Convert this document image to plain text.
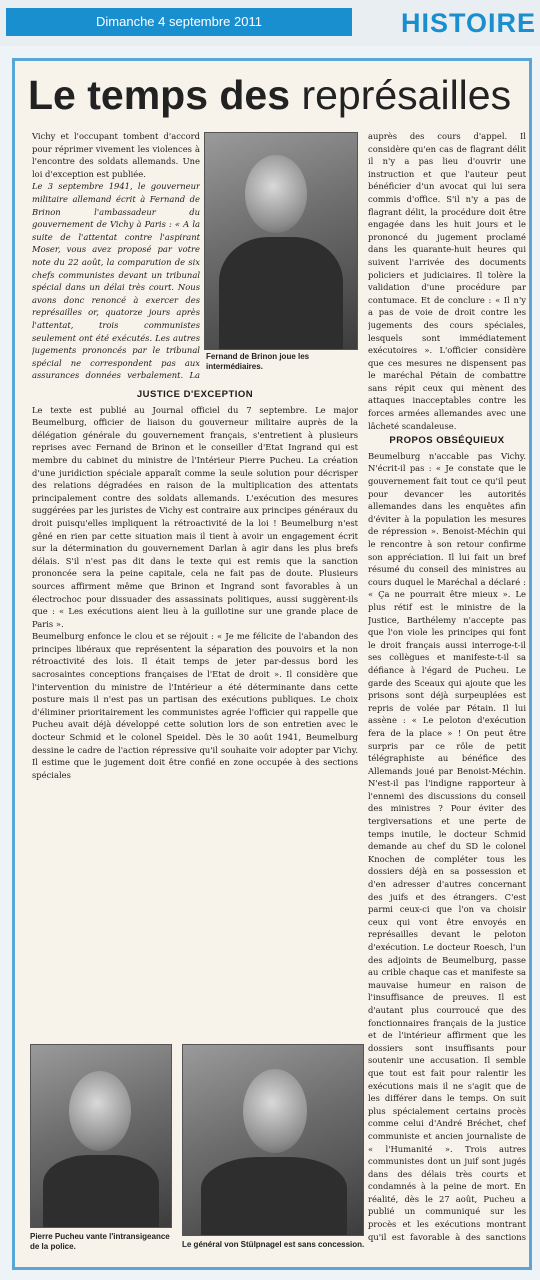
Dimanche 4 septembre 2011	HISTOIRE
Le temps des représailles
Fernand de Brinon joue les intermédiaires.

Vichy et l'occupant tombent d'accord pour réprimer vivement les violences à l'encontre des soldats allemands. Une loi d'exception est publiée.

Le 3 septembre 1941, le gouverneur militaire allemand écrit à Fernand de Brinon l'ambassadeur du gouvernement de Vichy à Paris : « A la suite de l'attentat contre l'aspirant Moser, vous avez proposé par votre note du 22 août, la comparution de six chefs communistes devant un tribunal spécial dans un délai très court. Nous avons donc renoncé à exercer des représailles or, quatorze jours après l'attentat, trois communistes seulement ont été exécutés. Les autres jugements prononcés par le tribunal spécial ne correspondent pas aux assurances données verbalement. La

auprès des cours d'appel. Il considère qu'en cas de flagrant délit il n'y a pas lieu d'ouvrir une instruction et que l'auteur peut bénéficier d'un avocat qui lui sera commis d'office. S'il n'y a pas de flagrant délit, la procédure doit être engagée dans les huit jours et le prononcé du jugement proclamé dans les quarante-huit heures qui suivent l'arrivée des documents policiers et judiciaires. Il tolère la validation d'une procédure par contumace. Et de conclure : « Il n'y a pas de voie de droit contre les jugements des cours spéciales, lesquels sont immédiatement exécutoires ». L'officier considère que ces mesures ne dispensent pas le maréchal Pétain de combattre sans répit ceux qui mènent des attaques inacceptables contre les forces armées allemandes avec une lâcheté scandaleuse.

PROPOS OBSÉQUIEUX

Beumelburg n'accable pas Vichy. N'écrit-il pas : « Je constate que le gouvernement fait tout ce qu'il peut pour devancer les autorités allemandes dans les enquêtes afin d'éviter à la population les mesures de répression ». Benoist-Méchin qui le rencontre à son retour confirme son appréciation. Il lui fait un bref résumé du conseil des ministres au cours duquel le Maréchal a déclaré : « Ça ne pourrait être mieux ». Le plus rétif est le ministre de la Justice, Barthélemy n'accepte pas que l'on viole les principes qui font le droit français aussi interroge-t-il ses collègues et manifeste-t-il sa défiance à l'égard de Pucheu. Le garde des Sceaux qui ajoute que les prisons sont déjà surpeuplées est repris de volée par Pétain. Il lui assène : « Le peloton d'exécution fera de la place » ! On peut être surpris par ce rôle de petit télégraphiste au bénéfice des Allemands joué par Benoist-Méchin. N'est-il pas l'indigne rapporteur à l'ennemi des discussions du conseil des ministres ? Pour éviter des tergiversations et une perte de temps inutile, le docteur Schmid demande au chef du SD le colonel Knochen de compléter tous les dossiers déjà en sa possession et d'en adresser d'autres concernant des juifs et des étrangers. C'est parmi ceux-ci que l'on va choisir ceux qui vont être envoyés en représailles devant le peloton d'exécution. Le docteur Roesch, l'un des adjoints de Beumelburg, passe au crible chaque cas et manifeste sa mauvaise humeur en raison de l'insuffisance de preuves. Il est d'autant plus courroucé que des fonctionnaires français de la justice et de l'intérieur affirment que les dossiers sont insuffisants pour soutenir une accusation. Il semble que tout est fait pour ralentir les exécutions mais il ne s'agit que de les différer dans le temps. On suit plus spécialement certains procès comme celui d'André Bréchet, chef communiste et ancien journaliste de « l'Humanité ». Trois autres communistes dont un juif sont jugés dans des délais très courts et condamnés à la peine de mort. En réalité, dès le 27 août, Pucheu a publié un communiqué sur les procès et les exécutions montrant qu'il est favorable à des sanctions

JUSTICE D'EXCEPTION

Le texte est publié au Journal officiel du 7 septembre. Le major Beumelburg, officier de liaison du gouverneur militaire auprès de la délégation générale du gouvernement français, s'entretient à plusieurs reprises avec Fernand de Brinon et le conseiller d'Etat Ingrand qui est membre du cabinet du ministre de l'Intérieur Pierre Pucheu. La création d'une juridiction spéciale apparaît comme la seule solution pour décrisper des relations dégradées en raison de la multiplication des attentats principalement contre des soldats allemands. L'exécution des mesures suggérées par les juristes de Vichy est contraire aux principes généraux du droit puisqu'elles impliquent la rétroactivité de la loi ! Beumelburg n'est gêné en rien par cette situation mais il tient à avoir un engagement écrit sur la détermination du gouvernement Darlan à agir dans les plus brefs délais. S'il n'est pas dit dans le texte qui est remis que la sanction prononcée sera la peine capitale, cela ne fait pas de doute. Plusieurs sources affirment même que Brinon et Ingrand sont favorables à un électrochoc pour dissuader des assassinats politiques, aussi suggèrent-ils que : « Les exécutions aient lieu à la guillotine sur une grande place de Paris ».

Beumelburg enfonce le clou et se réjouit : « Je me félicite de l'abandon des principes libéraux que représentent la séparation des pouvoirs et la non rétroactivité des lois. Il était temps de jeter par-dessus bord les sacrosaintes conceptions françaises de l'Etat de droit ». Il considère que l'intervention du ministre de l'Intérieur a été déterminante dans cette posture mais il n'est pas un partisan des exécutions publiques. Le choix d'éliminer prioritairement les communistes agrée l'officier qui rappelle que Pucheu avait déjà développé cette solution lors de son entretien avec le docteur Schmid et le colonel Speidel. Dès le 30 août 1941, Beumelburg dessine le cadre de l'action répressive qu'il souhaite voir adopter par Vichy. Il estime que le jugement doit être confié en zone occupée à des sections spéciales

Pierre Pucheu vante l'intransigeance de la police.	Le général von Stülpnagel est sans concession.
